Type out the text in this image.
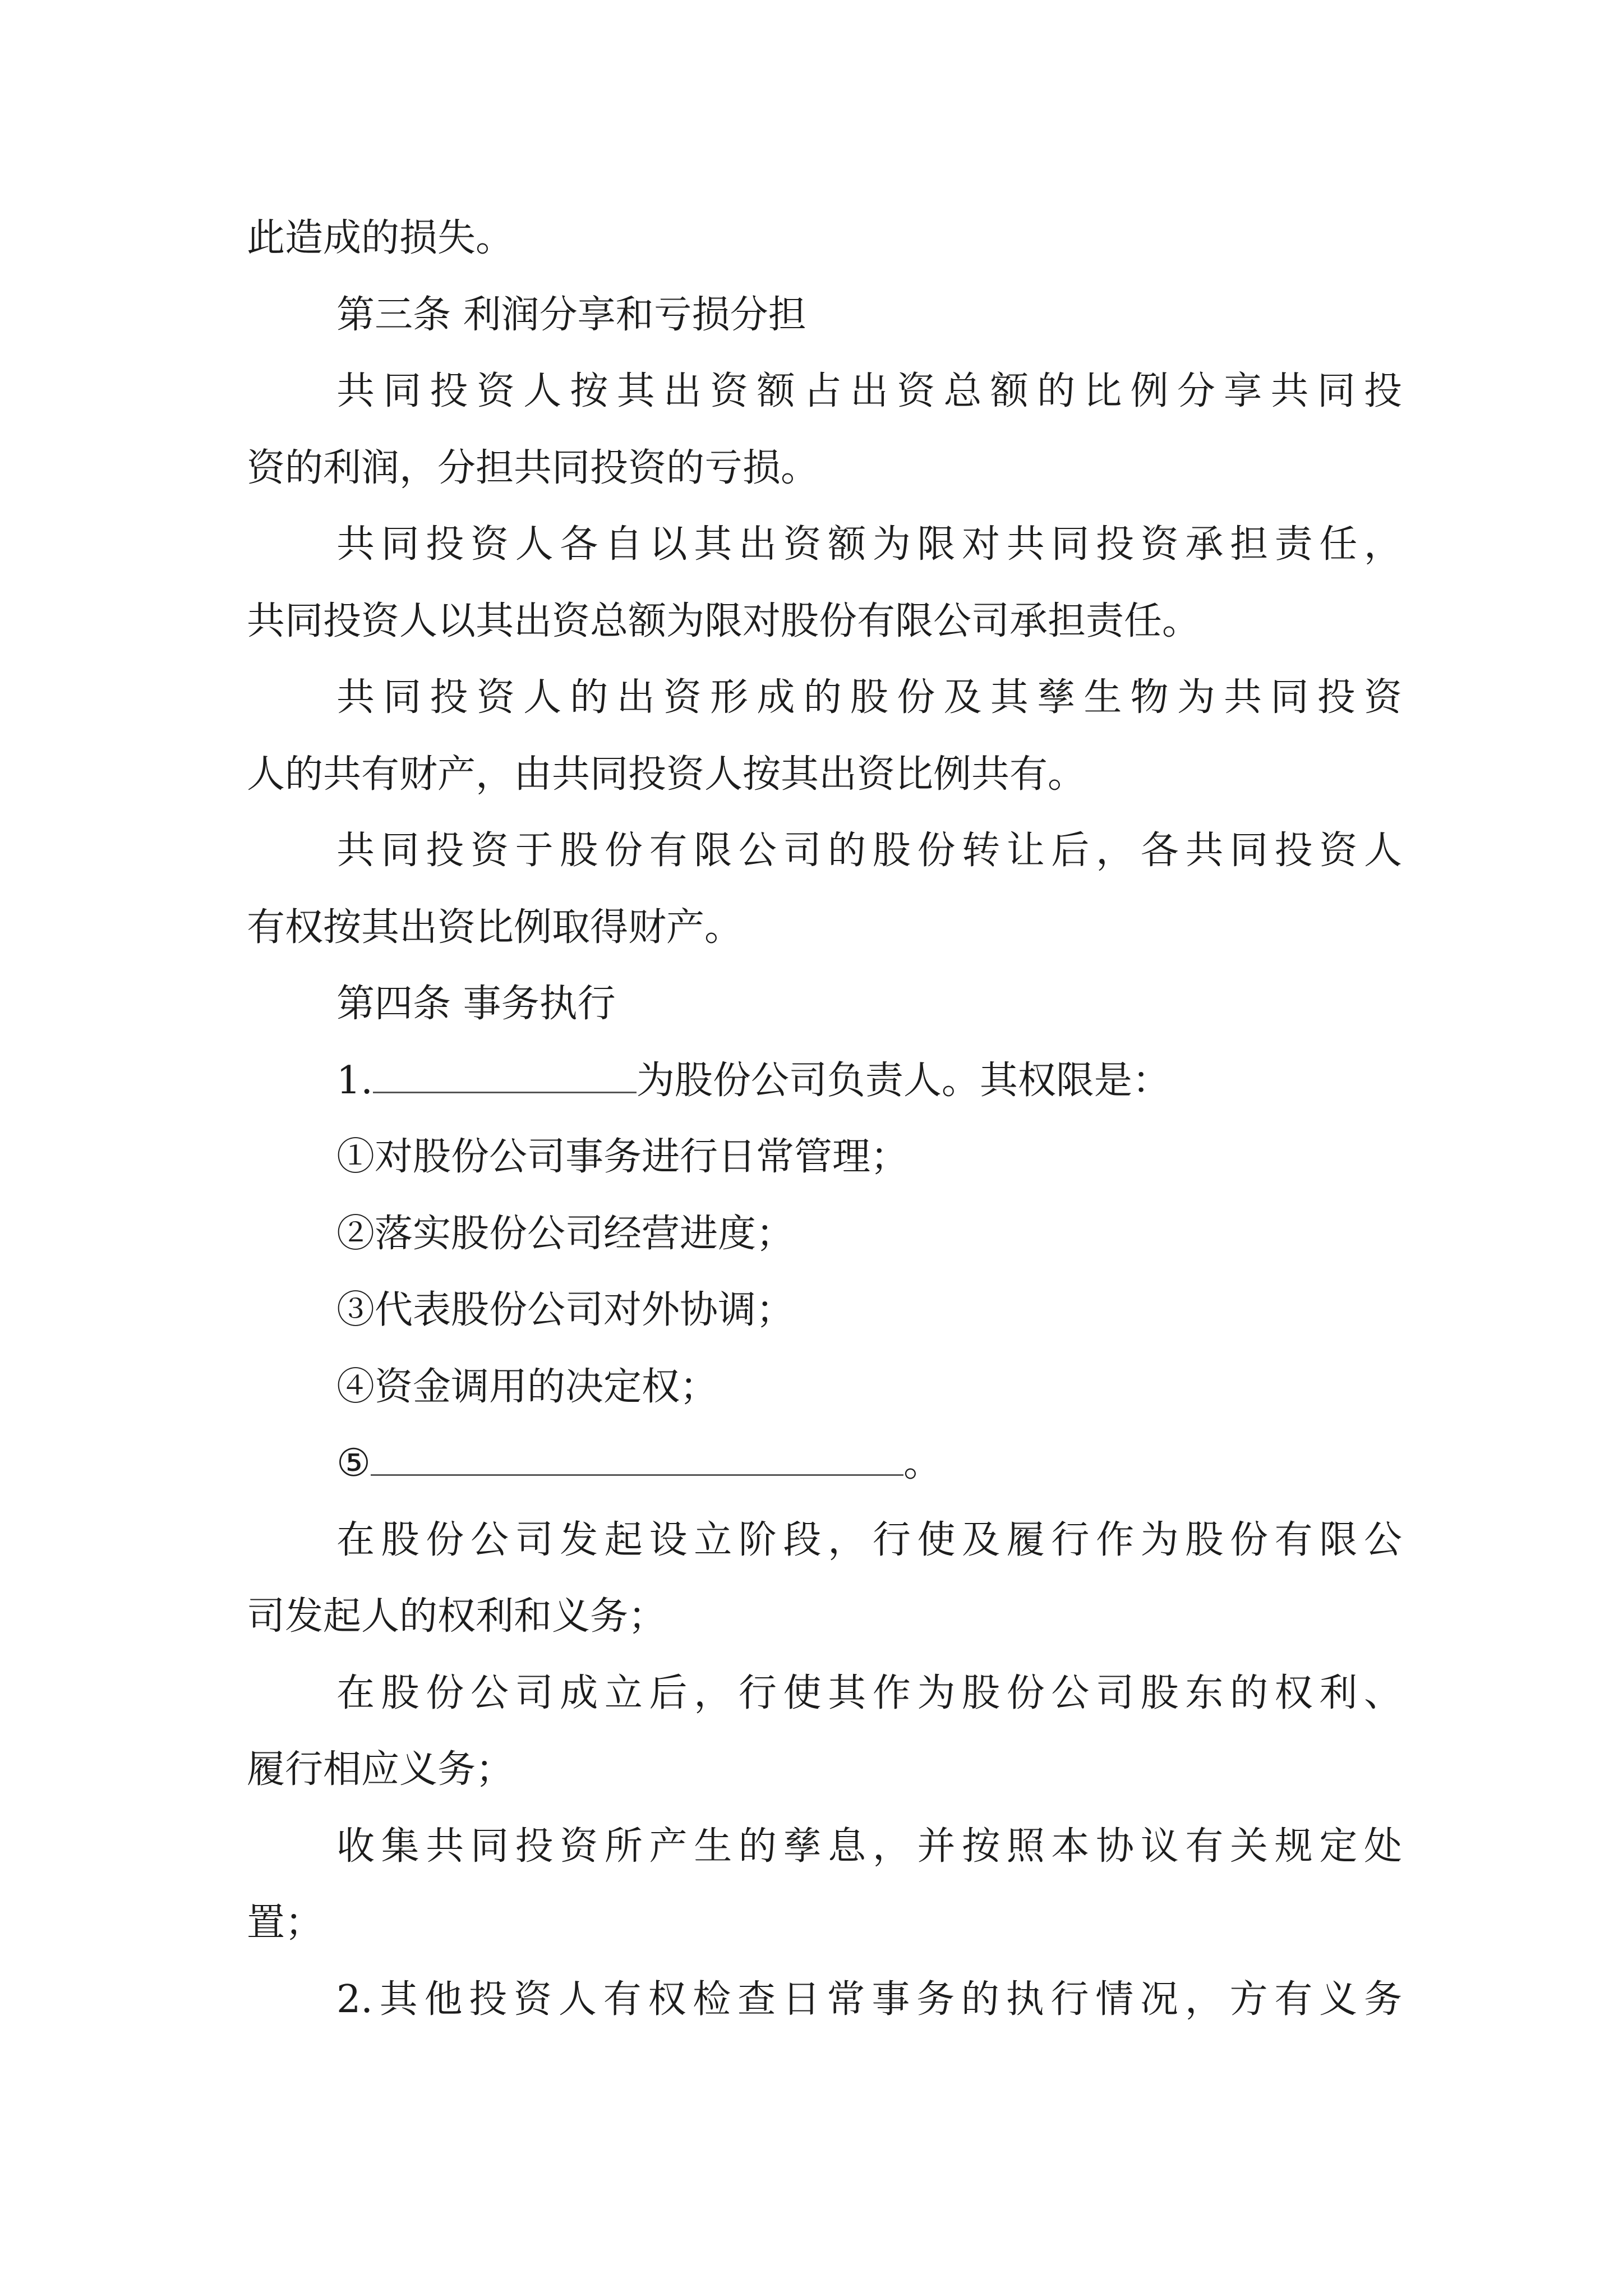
此造成的损失。
第三条 利润分享和亏损分担
共同投资人按其出资额占出资总额的比例分享共同投
资的利润，分担共同投资的亏损。
共同投资人各自以其出资额为限对共同投资承担责任，
共同投资人以其出资总额为限对股份有限公司承担责任。
共同投资人的出资形成的股份及其孳生物为共同投资
人的共有财产，由共同投资人按其出资比例共有。
共同投资于股份有限公司的股份转让后，各共同投资人
有权按其出资比例取得财产。
第四条 事务执行
1.	为股份公司负责人。其权限是：
①对股份公司事务进行日常管理；
②落实股份公司经营进度；
③代表股份公司对外协调；
④资金调用的决定权；
⑤	。
在股份公司发起设立阶段，行使及履行作为股份有限公
司发起人的权利和义务；
在股份公司成立后，行使其作为股份公司股东的权利、
履行相应义务；
收集共同投资所产生的孳息，并按照本协议有关规定处
置；
2.其他投资人有权检查日常事务的执行情况，方有义务
